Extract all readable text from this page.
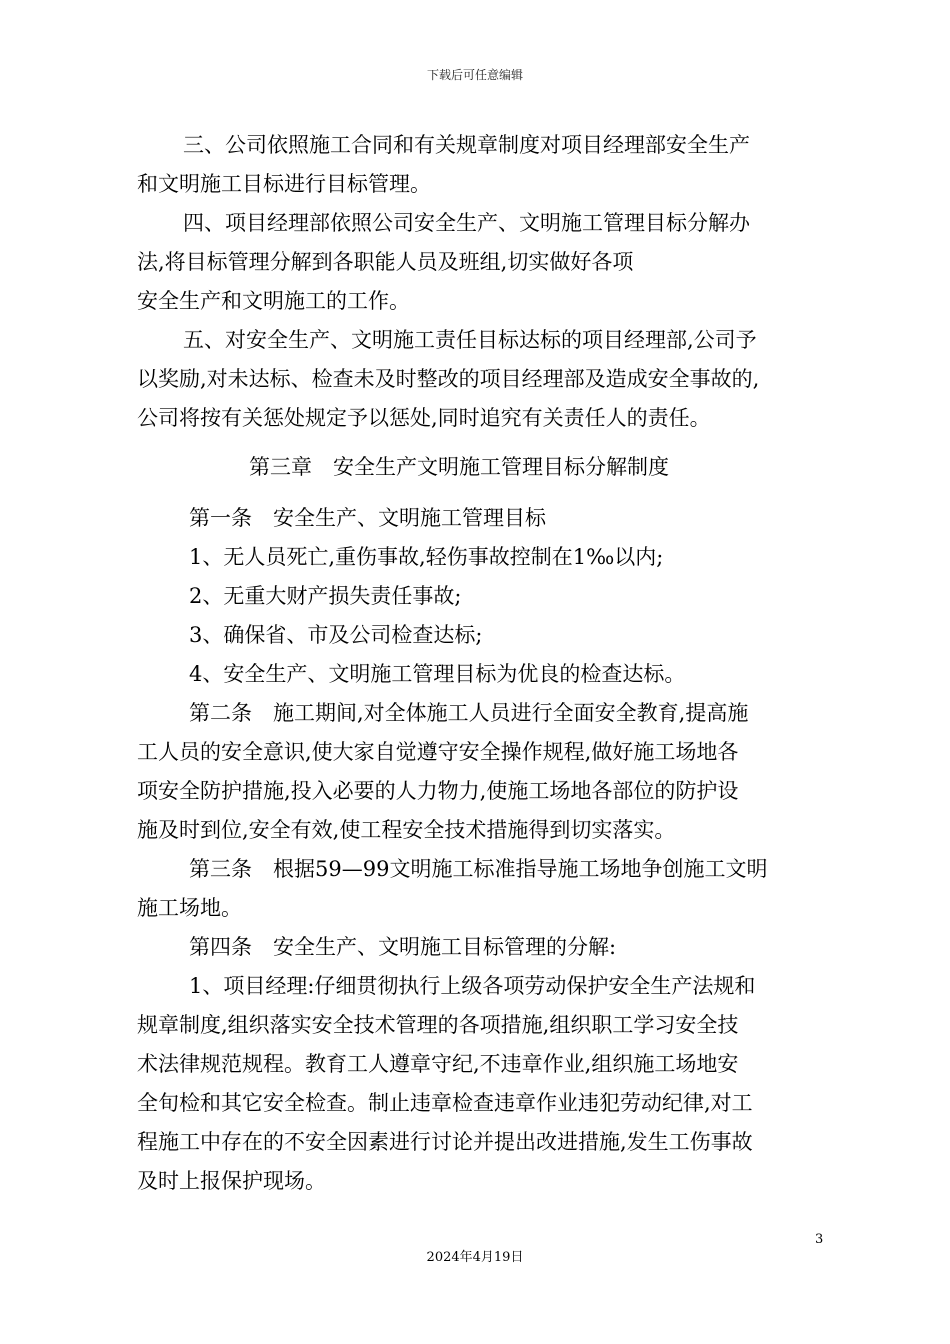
下载后可任意编辑
三、公司依照施工合同和有关规章制度对项目经理部安全生产
和文明施工目标进行目标管理。
四、项目经理部依照公司安全生产、文明施工管理目标分解办
法,将目标管理分解到各职能人员及班组,切实做好各项
安全生产和文明施工的工作。
五、对安全生产、文明施工责任目标达标的项目经理部,公司予
以奖励,对未达标、检查未及时整改的项目经理部及造成安全事故的,
公司将按有关惩处规定予以惩处,同时追究有关责任人的责任。
第三章　安全生产文明施工管理目标分解制度
第一条　安全生产、文明施工管理目标
1、无人员死亡,重伤事故,轻伤事故控制在1‰以内;
2、无重大财产损失责任事故;
3、确保省、市及公司检查达标;
4、安全生产、文明施工管理目标为优良的检查达标。
第二条　施工期间,对全体施工人员进行全面安全教育,提高施
工人员的安全意识,使大家自觉遵守安全操作规程,做好施工场地各
项安全防护措施,投入必要的人力物力,使施工场地各部位的防护设
施及时到位,安全有效,使工程安全技术措施得到切实落实。
第三条　根据59—99文明施工标准指导施工场地争创施工文明
施工场地。
第四条　安全生产、文明施工目标管理的分解:
1、项目经理:仔细贯彻执行上级各项劳动保护安全生产法规和
规章制度,组织落实安全技术管理的各项措施,组织职工学习安全技
术法律规范规程。教育工人遵章守纪,不违章作业,组织施工场地安
全旬检和其它安全检查。制止违章检查违章作业违犯劳动纪律,对工
程施工中存在的不安全因素进行讨论并提出改进措施,发生工伤事故
及时上报保护现场。
3
2024年4月19日
